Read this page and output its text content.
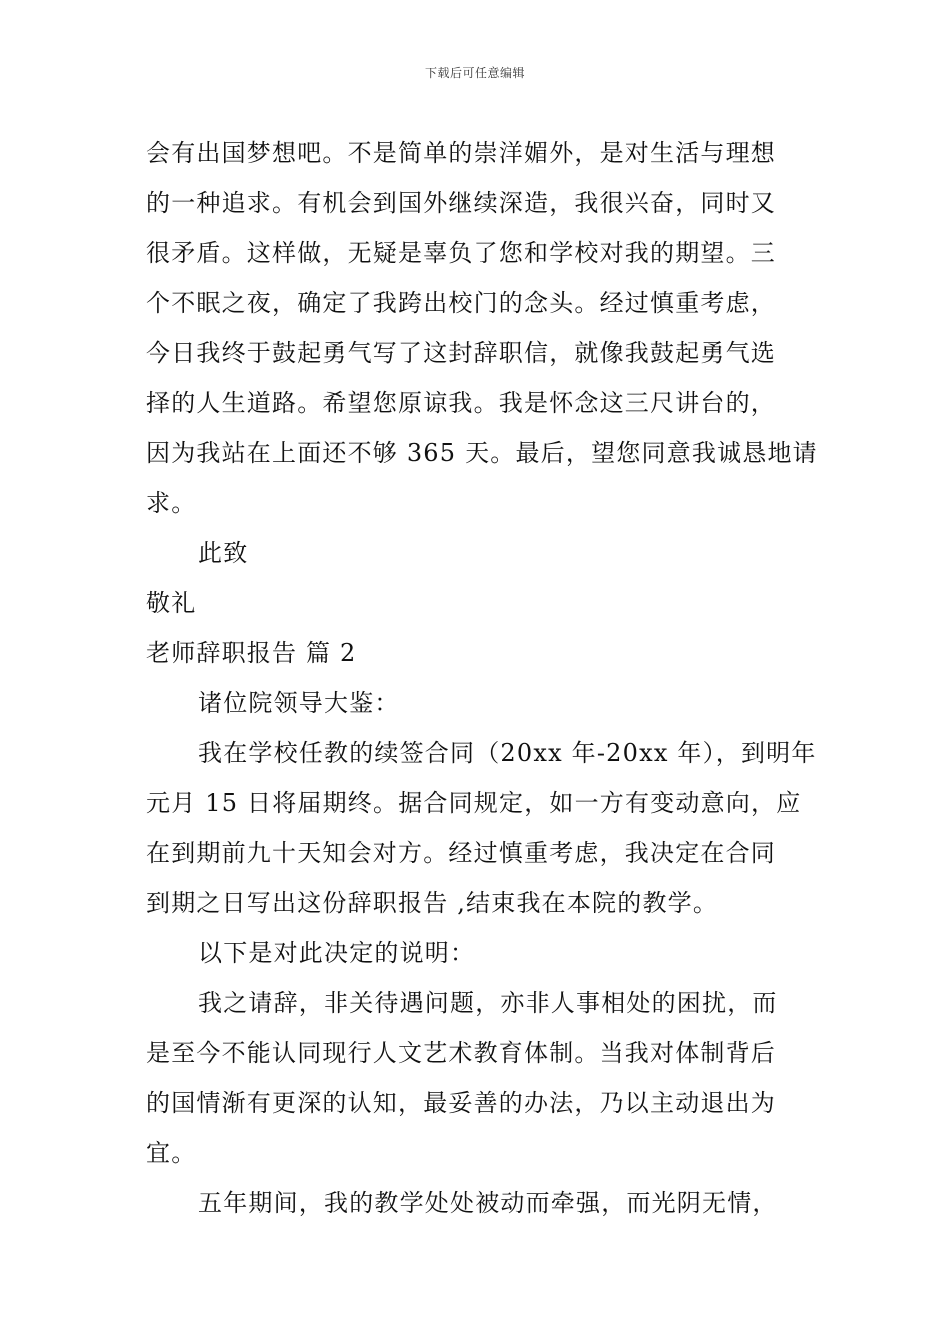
下载后可任意编辑
会有出国梦想吧。不是简单的崇洋媚外，是对生活与理想
的一种追求。有机会到国外继续深造，我很兴奋，同时又
很矛盾。这样做，无疑是辜负了您和学校对我的期望。三
个不眠之夜，确定了我跨出校门的念头。经过慎重考虑，
今日我终于鼓起勇气写了这封辞职信，就像我鼓起勇气选
择的人生道路。希望您原谅我。我是怀念这三尺讲台的，
因为我站在上面还不够 365 天。最后，望您同意我诚恳地请
求。
此致
敬礼
老师辞职报告 篇 2
诸位院领导大鉴：
我在学校任教的续签合同（20xx 年-20xx 年），到明年
元月 15 日将届期终。据合同规定，如一方有变动意向，应
在到期前九十天知会对方。经过慎重考虑，我决定在合同
到期之日写出这份辞职报告 ,结束我在本院的教学。
以下是对此决定的说明：
我之请辞，非关待遇问题，亦非人事相处的困扰，而
是至今不能认同现行人文艺术教育体制。当我对体制背后
的国情渐有更深的认知，最妥善的办法，乃以主动退出为
宜。
五年期间，我的教学处处被动而牵强，而光阴无情，
